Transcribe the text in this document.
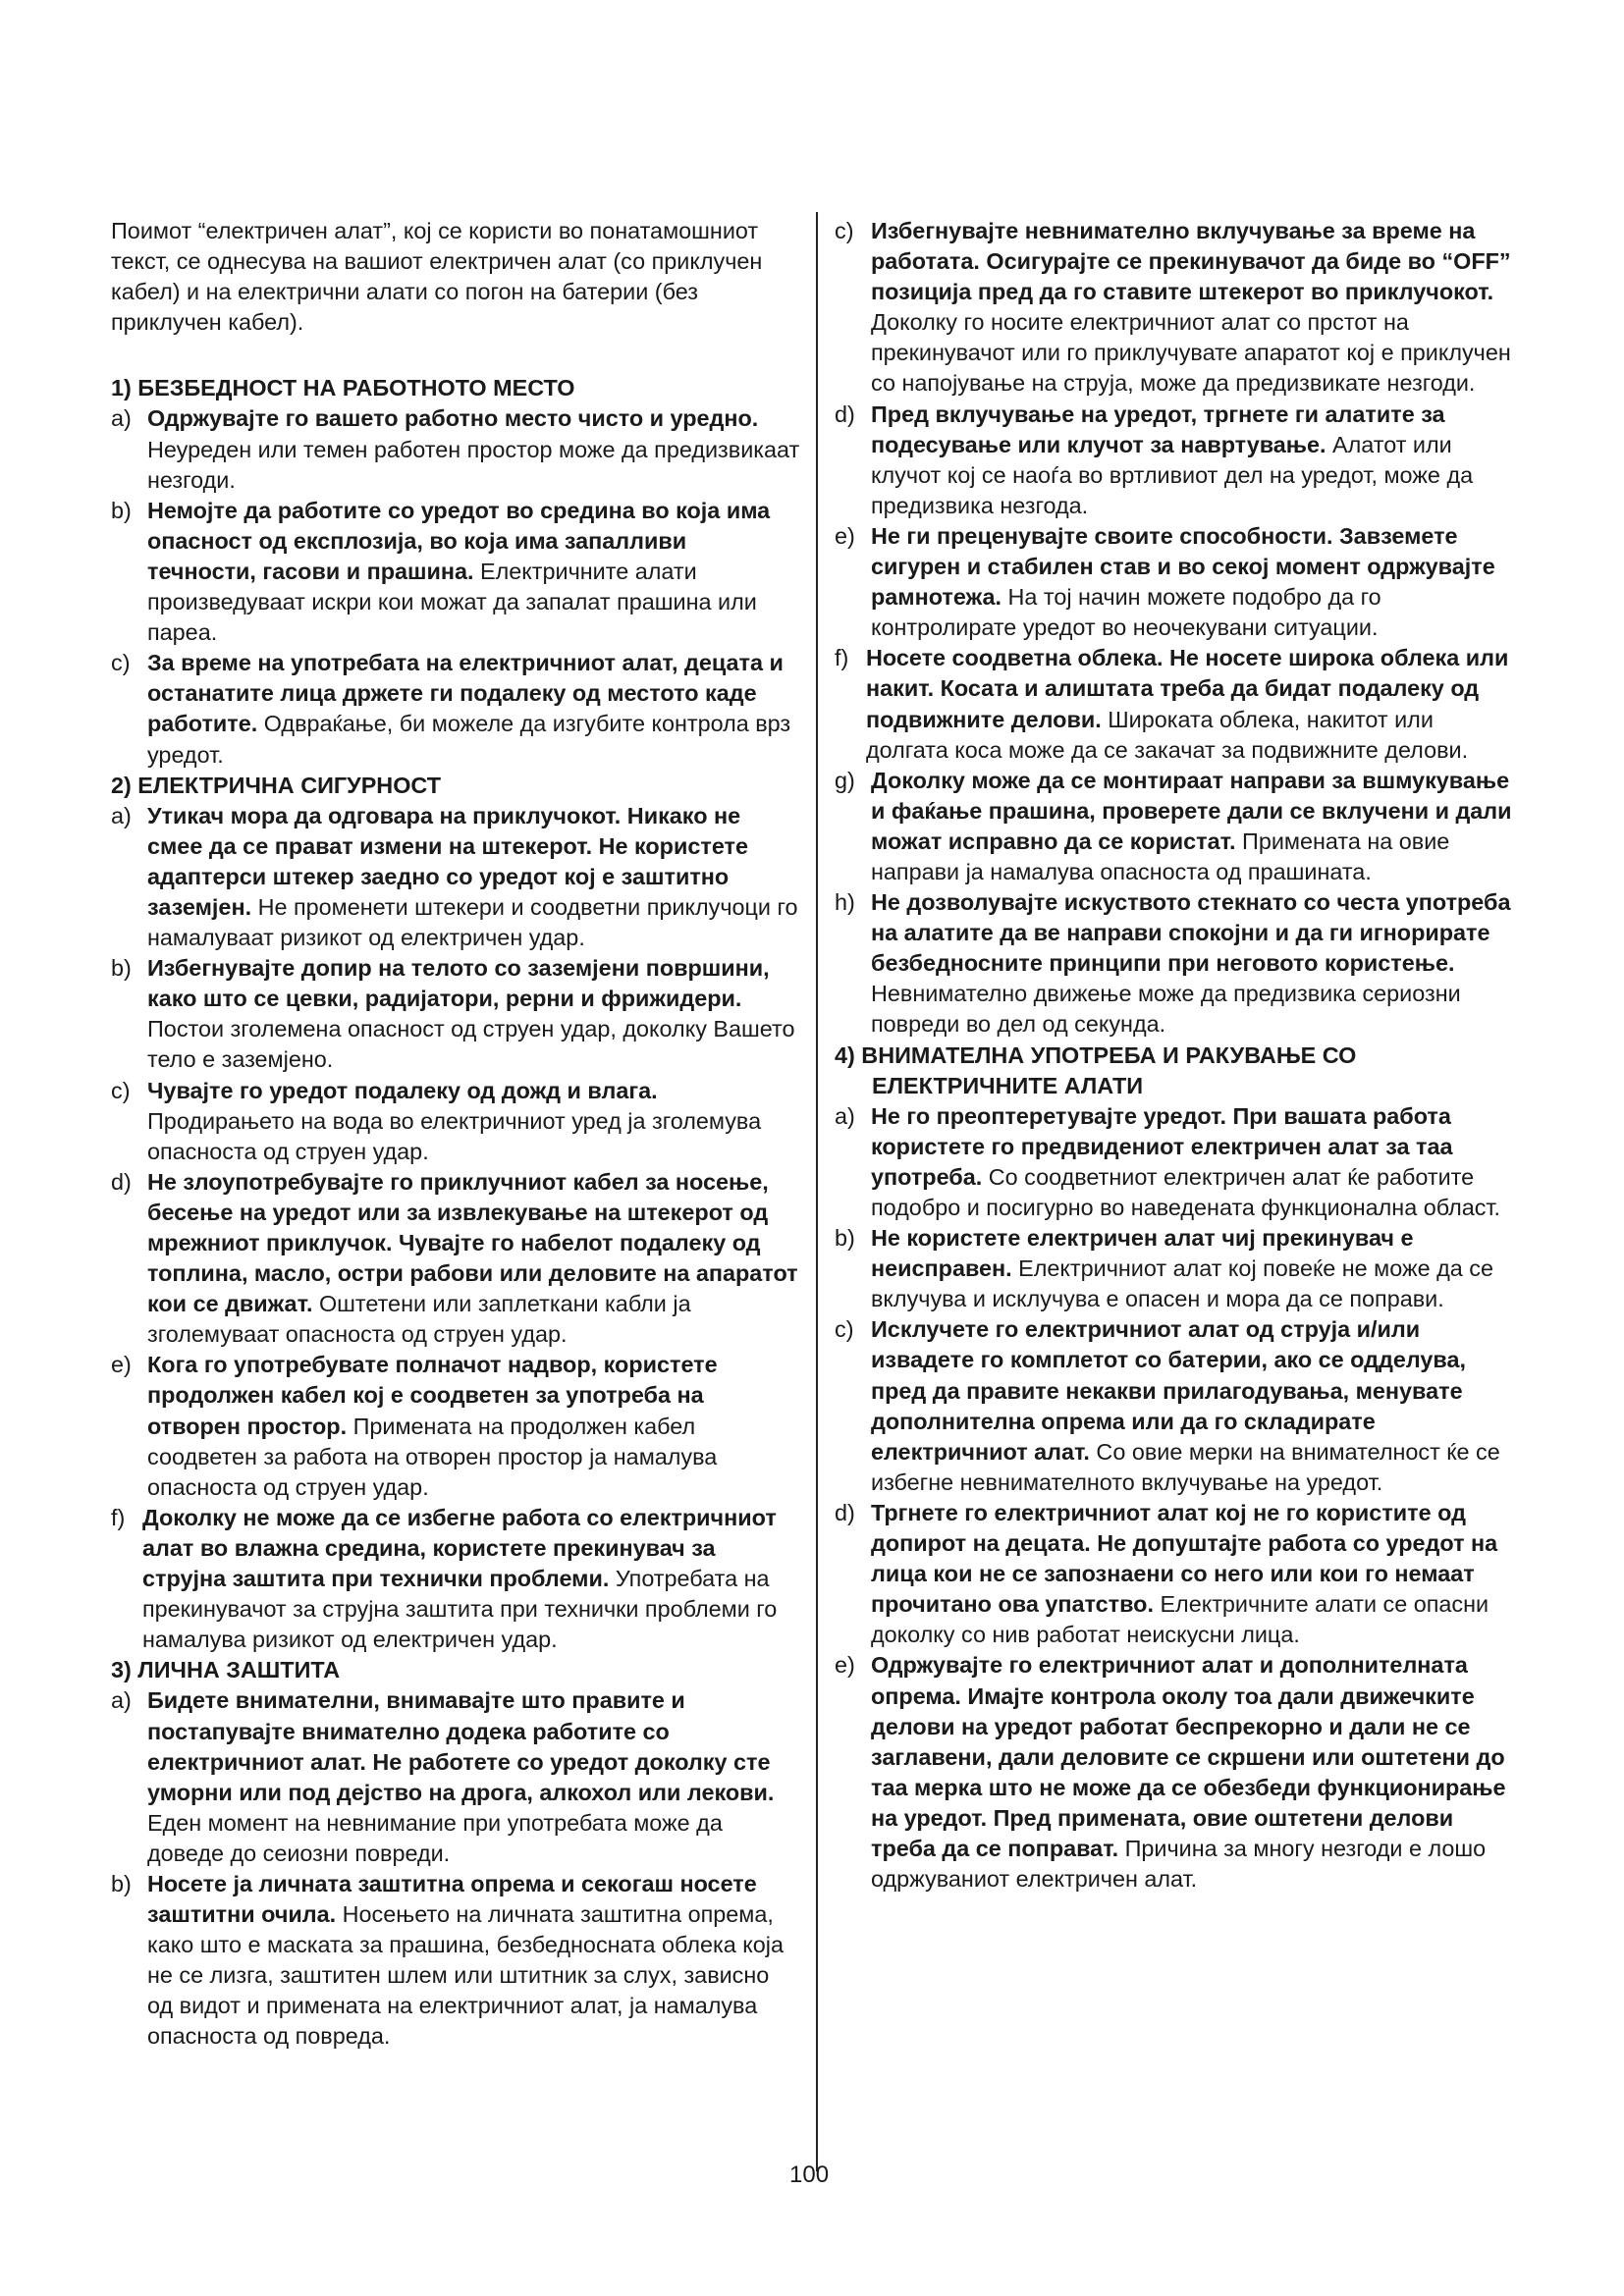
Поимот “електричен алат”, кој се користи во понатамошниот текст, се однесува на вашиот електричен алат (со приклучен кабел) и на електрични алати со погон на батерии (без приклучен кабел).

1) БЕЗБЕДНОСТ НА РАБОТНОТО МЕСТО

a) Одржувајте го вашето работно место чисто и уредно. Неуреден или темен работен простор може да предизвикаат незгоди.

b) Немојте да работите со уредот во средина во која има опасност од експлозија, во која има запалливи течности, гасови и прашина. Електричните алати произведуваат искри кои можат да запалат прашина или пареа.

c) За време на употребата на електричниот алат, децата и останатите лица држете ги подалеку од местото каде работите. Одвраќање, би можеле да изгубите контрола врз уредот.

2) ЕЛЕКТРИЧНА СИГУРНОСТ

a) Утикач мора да одговара на приклучокот. Никако не смее да се прават измени на штекерот. Не користете адаптерси штекер заедно со уредот кој е заштитно заземјен. Не променети штекери и соодветни приклучоци го намалуваат ризикот од електричен удар.

b) Избегнувајте допир на телото со заземјени површини, како што се цевки, радијатори, рерни и фрижидери. Постои зголемена опасност од струен удар, доколку Вашето тело е заземјено.

c) Чувајте го уредот подалеку од дожд и влага. Продирањето на вода во електричниот уред ја зголемува опасноста од струен удар.

d) Не злоупотребувајте го приклучниот кабел за носење, бесење на уредот или за извлекување на штекерот од мрежниот приклучок. Чувајте го набелот подалеку од топлина, масло, остри рабови или деловите на апаратот кои се движат. Оштетени или заплеткани кабли ја зголемуваат опасноста од струен удар.

e) Кога го употребувате полначот надвор, користете продолжен кабел кој е соодветен за употреба на отворен простор. Примената на продолжен кабел соодветен за работа на отворен простор ја намалува опасноста од струен удар.

f) Доколку не може да се избегне работа со електричниот алат во влажна средина, користете прекинувач за струјна заштита при технички проблеми. Употребата на прекинувачот за струјна заштита при технички проблеми го намалува ризикот од електричен удар.

3) ЛИЧНА ЗАШТИТА

a) Бидете внимателни, внимавајте што правите и постапувајте внимателно додека работите со електричниот алат. Не работете со уредот доколку сте уморни или под дејство на дрога, алкохол или лекови. Еден момент на невнимание при употребата може да доведе до сеиозни повреди.

b) Носете ја личната заштитна опрема и секогаш носете заштитни очила. Носењето на личната заштитна опрема, како што е маската за прашина, безбедносната облека која не се лизга, заштитен шлем или штитник за слух, зависно од видот и примената на електричниот алат, ја намалува опасноста од повреда.

c) Избегнувајте невнимателно вклучување за време на работата. Осигурајте се прекинувачот да биде во “OFF” позиција пред да го ставите штекерот во приклучокот. Доколку го носите електричниот алат со прстот на прекинувачот или го приклучувате апаратот кој е приклучен со напојување на струја, може да предизвикате незгоди.

d) Пред вклучување на уредот, тргнете ги алатите за подесување или клучот за навртување. Алатот или клучот кој се наоѓа во вртливиот дел на уредот, може да предизвика незгода.

e) Не ги преценувајте своите способности. Завземете сигурен и стабилен став и во секој момент одржувајте рамнотежа. На тој начин можете подобро да го контролирате уредот во неочекувани ситуации.

f) Носете соодветна облека. Не носете широка облека или накит. Косата и алиштата треба да бидат подалеку од подвижните делови. Широката облека, накитот или долгата коса може да се закачат за подвижните делови.

g) Доколку може да се монтираат направи за вшмукување и фаќање прашина, проверете дали се вклучени и дали можат исправно да се користат. Примената на овие направи ја намалува опасноста од прашината.

h) Не дозволувајте искуството стекнато со честа употреба на алатите да ве направи спокојни и да ги игнорирате безбедносните принципи при неговото користење. Невнимателно движење може да предизвика сериозни повреди во дел од секунда.

4) ВНИМАТЕЛНА УПОТРЕБА И РАКУВАЊЕ СО ЕЛЕКТРИЧНИТЕ АЛАТИ

a) Не го преоптеретувајте уредот. При вашата работа користете го предвидениот електричен алат за таа употреба. Со соодветниот електричен алат ќе работите подобро и посигурно во наведената функционална област.

b) Не користете електричен алат чиј прекинувач е неисправен. Електричниот алат кој повеќе не може да се вклучува и исклучува е опасен и мора да се поправи.

c) Исклучете го електричниот алат од струја и/или извадете го комплетот со батерии, ако се одделува, пред да правите некакви прилагодувања, менувате дополнителна опрема или да го складирате електричниот алат. Со овие мерки на внимателност ќе се избегне невнимателното вклучување на уредот.

d) Тргнете го електричниот алат кој не го користите од допирот на децата. Не допуштајте работа со уредот на лица кои не се запознаени со него или кои го немаат прочитано ова упатство. Електричните алати се опасни доколку со нив работат неискусни лица.

e) Одржувајте го електричниот алат и дополнителната опрема. Имајте контрола околу тоа дали движечките делови на уредот работат беспрекорно и дали не се заглавени, дали деловите се скршени или оштетени до таа мерка што не може да се обезбеди функционирање на уредот. Пред примената, овие оштетени делови треба да се поправат. Причина за многу незгоди е лошо одржуваниот електричен алат.

100
